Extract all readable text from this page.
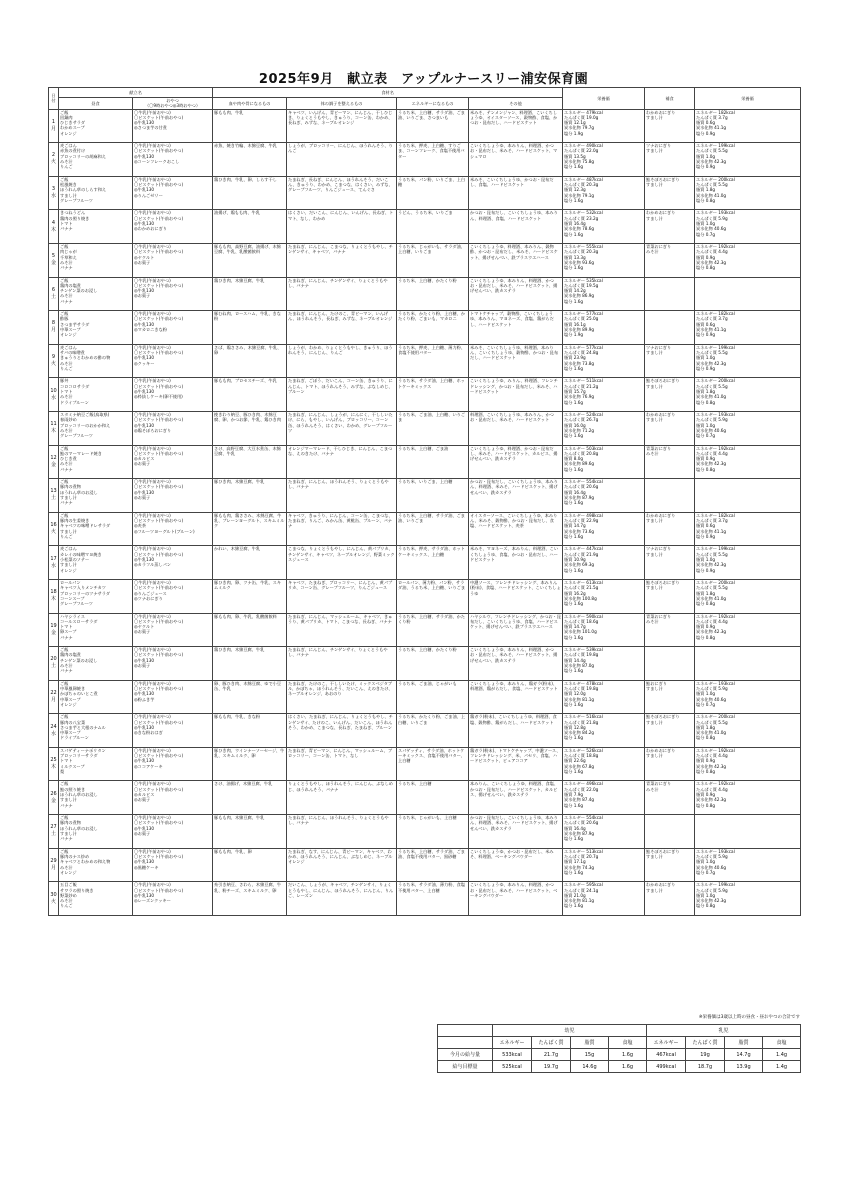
2025年9月　献立表　アップルナースリー浦安保育園
日付	献立名		食材名				栄養価	補食	栄養価
	昼食	おやつ
（〇9時おやつ◎3時おやつ）	血や肉や骨になるもの	体の調子を整えるもの	エネルギーになるもの	その他			

1
月	ご飯
回鍋肉
ひじきサラダ
わかめスープ
オレンジ	〇牛乳(午前おやつ)
〇ビスケット(午前おやつ)
◎牛乳130
◎さつま芋の甘煮	豚もも肉、牛乳	キャベツ、いんげん、青ピーマン、にんじん、干しひじき、りょくとうもやし、きゅうり、コーン缶、わかめ、長ねぎ、みずな、ネーブルオレンジ	うるち米、上白糖、サラダ油、ごま油、いりごま、さつまいも	米みそ、テンメンジャン、料理酒、こいくちしょうゆ、オイスターソース、穀物酢、食塩、かつお・昆布だし、ハードビスケット	エネルギー 479kcal
たんぱく質 19.0g
脂質 12.1g
炭水化物 79.7g
塩分 1.9g	わかめおにぎり
すまし汁	エネルギー 182kcal
たんぱく質 3.7g
脂質 0.6g
炭水化物 41.1g
塩分 0.9g

2
火	麦ごはん
赤魚の煮付け
ブロッコリーの胡麻和え
みそ汁
りんご	〇牛乳(午前おやつ)
〇ビスケット(午前おやつ)
◎牛乳130
◎コーンフレークおこし	赤魚、焼き竹輪、木綿豆腐、牛乳	しょうが、ブロッコリー、にんじん、ほうれんそう、りんご	うるち米、押麦、上白糖、すりごま、コーンフレーク、食塩不使用バター	こいくちしょうゆ、本みりん、料理酒、かつお・昆布だし、米みそ、ハードビスケット、マシュマロ	エネルギー 490kcal
たんぱく質 22.0g
脂質 13.5g
炭水化物 75.8g
塩分 1.6g	ツナおにぎり
すまし汁	エネルギー 199kcal
たんぱく質 5.5g
脂質 1.0g
炭水化物 42.3g
塩分 0.9g

3
水	ご飯
松風焼き
ほうれん草のしらす和え
すまし汁
グレープフルーツ	〇牛乳(午前おやつ)
〇ビスケット(午前おやつ)
◎牛乳130
◎りんごゼリー	鶏ひき肉、牛乳、卵、しらす干し	たまねぎ、長ねぎ、にんじん、ほうれんそう、だいこん、きゅうり、わかめ、こまつな、はくさい、みずな、グレープフルーツ、りんごジュース、てんぐさ	うるち米、パン粉、いりごま、上白糖	米みそ、こいくちしょうゆ、かつお・昆布だし、食塩、ハードビスケット	エネルギー 487kcal
たんぱく質 20.3g
脂質 12.3g
炭水化物 79.1g
塩分 1.6g	鮭そぼろおにぎり
すまし汁	エネルギー 200kcal
たんぱく質 5.5g
脂質 1.8g
炭水化物 41.0g
塩分 0.8g

4
木	きつねうどん
鶏肉の照り焼き
トマト
バナナ	〇牛乳(午前おやつ)
〇ビスケット(午前おやつ)
◎牛乳130
◎わかめおにぎり	油揚げ、鶏もも肉、牛乳	はくさい、だいこん、にんじん、いんげん、長ねぎ、トマト、なし、わかめ	うどん、うるち米、いりごま	かつお・昆布だし、こいくちしょうゆ、本みりん、料理酒、食塩、ハードビスケット	エネルギー 532kcal
たんぱく質 23.2g
脂質 16.4g
炭水化物 78.6g
塩分 1.6g	わかめおにぎり
すまし汁	エネルギー 193kcal
たんぱく質 5.9g
脂質 1.0g
炭水化物 40.6g
塩分 0.7g

5
金	ご飯
肉じゃが
千草和え
みそ汁
バナナ	〇牛乳(午前おやつ)
〇ビスケット(午前おやつ)
◎ヤクルト
◎お菓子	豚もも肉、高野豆腐、油揚げ、木綿豆腐、牛乳、乳酸菌飲料	たまねぎ、にんじん、こまつな、りょくとうもやし、チンゲンサイ、キャベツ、バナナ	うるち米、じゃがいも、サラダ油、上白糖、いりごま	こいくちしょうゆ、料理酒、本みりん、穀物酢、かつお・昆布だし、米みそ、ハードビスケット、揚げせんべい、鉄プラスウエハース	エネルギー 555kcal
たんぱく質 20.3g
脂質 13.3g
炭水化物 93.6g
塩分 1.6g	青菜おにぎり
みそ汁	エネルギー 192kcal
たんぱく質 4.4g
脂質 0.9g
炭水化物 42.3g
塩分 0.8g

6
土	ご飯
鶏肉の塩煮
チンゲン菜のお浸し
みそ汁
バナナ	〇牛乳(午前おやつ)
〇ビスケット(午前おやつ)
◎牛乳130
◎お菓子	鶏ひき肉、木綿豆腐、牛乳	たまねぎ、にんじん、チンゲンサイ、りょくとうもやし、バナナ	うるち米、上白糖、かたくり粉	こいくちしょうゆ、本みりん、料理酒、かつお・昆布だし、米みそ、ハードビスケット、揚げせんべい、鉄カステラ	エネルギー 535kcal
たんぱく質 19.5g
脂質 14.2g
炭水化物 86.9g
塩分 1.6g		

8
月	ご飯
酢豚
さつま芋サラダ
中華スープ
オレンジ	〇牛乳(午前おやつ)
〇ビスケット(午前おやつ)
◎牛乳130
◎マカロニきな粉	豚むね肉、ロースハム、牛乳、きな粉	たまねぎ、にんじん、たけのこ、青ピーマン、いんげん、ほうれんそう、長ねぎ、みずな、ネーブルオレンジ	うるち米、かたくり粉、上白糖、かたくり粉、ごまいも、マカロニ	トマトケチャップ、穀物酢、こいくちしょうゆ、本みりん、マヨネーズ、食塩、鶏がらだし、ハードビスケット	エネルギー 577kcal
たんぱく質 25.0g
脂質 16.1g
炭水化物 89.9g
塩分 1.9g		エネルギー 182kcal
たんぱく質 3.7g
脂質 0.6g
炭水化物 41.1g
塩分 0.9g

9
火	麦ごはん
サバの味噌煮
きゅうりとわかめの酢の物
みそ汁
りんご	〇牛乳(午前おやつ)
〇ビスケット(午前おやつ)
◎牛乳130
◎クッキー	さば、鶏ささみ、木綿豆腐、牛乳、卵	しょうが、わかめ、りょくとうもやし、きゅうり、ほうれんそう、にんじん、りんご	うるち米、押麦、上白糖、薄力粉、食塩不使用バター	米みそ、こいくちしょうゆ、料理酒、本みりん、こいくちしょうゆ、穀物酢、かつお・昆布だし、ハードビスケット	エネルギー 577kcal
たんぱく質 24.8g
脂質 23.9g
炭水化物 73.8g
塩分 1.6g	ツナおにぎり
すまし汁	エネルギー 199kcal
たんぱく質 5.5g
脂質 1.0g
炭水化物 42.3g
塩分 0.9g

10
水	豚丼
コロコロサラダ
トマト
みそ汁
ドライプルーン	〇牛乳(午前おやつ)
〇ビスケット(午前おやつ)
◎牛乳130
◎枠抜しケーキ(卵不使用)	豚もも肉、プロセスチーズ、牛乳	たまねぎ、ごぼう、だいこん、コーン缶、きゅうり、にんじん、トマト、ほうれんそう、みずな、ぶなしめじ、プルーン	うるち米、サラダ油、上白糖、ホットケーキミックス	こいくちしょうゆ、みりん、料理酒、フレンチドレッシング、かつお・昆布だし、米みそ、ハードビスケット	エネルギー 511kcal
たんぱく質 21.2g
脂質 15.7g
炭水化物 76.9g
塩分 1.6g	鮭そぼろおにぎり
すまし汁	エネルギー 200kcal
たんぱく質 5.5g
脂質 1.8g
炭水化物 41.0g
塩分 0.8g

11
木	スタミナ納豆ご飯(鳥取県)
春雨炒め
ブロッコリーのおかか和え
みそ汁
グレープフルーツ	〇牛乳(午前おやつ)
〇ビスケット(午前おやつ)
◎牛乳130
◎鶏そぼろおにぎり	挽きわり納豆、豚ひき肉、木綿豆腐、卵、かつお節、牛乳、鶏ひき肉	たまねぎ、にんじん、しょうが、にんにく、干ししいたけ、にら、もやし、いんげん、ブロッコリー、コーン缶、ほうれんそう、はくさい、わかめ、グレープフルーツ	うるち米、ごま油、上白糖、いりごま	料理酒、こいくちしょうゆ、本みりん、かつお・昆布だし、米みそ、ハードビスケット	エネルギー 524kcal
たんぱく質 26.7g
脂質 16.0g
炭水化物 71.2g
塩分 1.6g	わかめおにぎり
すまし汁	エネルギー 193kcal
たんぱく質 5.9g
脂質 1.0g
炭水化物 40.6g
塩分 0.7g

12
金	ご飯
鮭のマーマレード焼き
ひじき煮
みそ汁
バナナ	〇牛乳(午前おやつ)
〇ビスケット(午前おやつ)
◎カルピス
◎お菓子	さけ、高野豆腐、大豆水煮缶、木綿豆腐、牛乳	オレンジマーマレード、干しひじき、にんじん、こまつな、えのきたけ、バナナ	うるち米、上白糖、ごま油	こいくちしょうゆ、料理酒、かつお・昆布だし、米みそ、ハードビスケット、カルピス、揚げせんべい、鉄カステラ	エネルギー 503kcal
たんぱく質 20.8g
脂質 8.0g
炭水化物 89.6g
塩分 1.6g	青菜おにぎり
みそ汁	エネルギー 192kcal
たんぱく質 4.4g
脂質 0.9g
炭水化物 42.3g
塩分 0.8g

13
土	ご飯
豚肉の煮物
ほうれん草のお浸し
すまし汁
バナナ	〇牛乳(午前おやつ)
〇ビスケット(午前おやつ)
◎牛乳130
◎お菓子	豚ひき肉、木綿豆腐、牛乳	たまねぎ、にんじん、ほうれんそう、りょくとうもやし、バナナ	うるち米、いりごま、上白糖	かつお・昆布だし、こいくちしょうゆ、本みりん、料理酒、米みそ、ハードビスケット、揚げせんべい、鉄カステラ	エネルギー 554kcal
たんぱく質 20.6g
脂質 16.4g
炭水化物 87.9g
塩分 1.6g		

16
火	ご飯
豚肉の生姜焼き
キャベツの味噌ドレサラダ
すまし汁
りんご	〇牛乳(午前おやつ)
〇ビスケット(午前おやつ)
◎麦茶
◎フルーツヨーグルト(ブルーン)	豚もも肉、鶏ささみ、木綿豆腐、牛乳、プレーンヨーグルト、スキムミルク	キャベツ、きゅうり、にんじん、コーン缶、こまつな、たまねぎ、りんご、みかん缶、黄桃缶、プルーン、バナナ	うるち米、上白糖、サラダ油、ごま油、いりごま	オイスターソース、こいくちしょうゆ、本みりん、米みそ、穀物酢、かつお・昆布だし、食塩、ハードビスケット、麦茶	エネルギー 498kcal
たんぱく質 22.9g
脂質 14.7g
炭水化物 73.6g
塩分 1.6g	わかめおにぎり
すまし汁	エネルギー 182kcal
たんぱく質 3.7g
脂質 0.6g
炭水化物 41.1g
塩分 0.9g

17
水	麦ごはん
カレイの味噌マヨ焼き
小松菜のソテー
すまし汁
オレンジ	〇牛乳(午前おやつ)
〇ビスケット(午前おやつ)
◎牛乳130
◎カラフル蒸しパン	かれい、木綿豆腐、牛乳	こまつな、りょくとうもやし、にんじん、黄パプリカ、チンゲンサイ、キャベツ、ネーブルオレンジ、野菜ミックスジュース	うるち米、押麦、サラダ油、ホットケーキミックス、上白糖	米みそ、マヨネーズ、本みりん、料理酒、こいくちしょうゆ、食塩、かつお・昆布だし、ハードビスケット	エネルギー 447kcal
たんぱく質 21.9g
脂質 10.9g
炭水化物 69.3g
塩分 1.6g	ツナおにぎり
すまし汁	エネルギー 199kcal
たんぱく質 5.5g
脂質 1.0g
炭水化物 42.3g
塩分 0.9g

18
木	ロールパン
キャベツ入りメンチカツ
ブロッコリーのツナサラダ
コーンスープ
グレープフルーツ	〇牛乳(午前おやつ)
〇ビスケット(午前おやつ)
◎りんごジュース
◎ツナおにぎり	豚ひき肉、卵、ツナ缶、牛乳、スキムミルク	キャベツ、たまねぎ、ブロッコリー、にんじん、黄パプリカ、コーン缶、グレープフルーツ、りんごジュース	ロールパン、薄力粉、パン粉、サラダ油、うるち米、上白糖、いりごま	中濃ソース、フレンチドレッシング、本みりん(粉末)、食塩、ハードビスケット、こいくちしょうゆ	エネルギー 613kcal
たんぱく質 21.5g
脂質 16.2g
炭水化物 100.8g
塩分 1.6g	鮭そぼろおにぎり
すまし汁	エネルギー 200kcal
たんぱく質 5.5g
脂質 1.8g
炭水化物 41.0g
塩分 0.8g

19
金	ハヤシライス
コールスローサラダ
トマト
卵スープ
バナナ	〇牛乳(午前おやつ)
〇ビスケット(午前おやつ)
◎ヤクルト
◎お菓子	豚もも肉、卵、牛乳、乳酸菌飲料	たまねぎ、にんじん、マッシュルーム、キャベツ、きゅうり、黄パプリカ、トマト、こまつな、長ねぎ、バナナ	うるち米、上白糖、サラダ油、かたくり粉	ハヤシルウ、フレンチドレッシング、かつお・昆布だし、こいくちしょうゆ、食塩、ハードビスケット、揚げせんべい、鉄プラスウエハース	エネルギー 590kcal
たんぱく質 18.6g
脂質 14.7g
炭水化物 101.0g
塩分 1.6g	青菜おにぎり
みそ汁	エネルギー 192kcal
たんぱく質 4.4g
脂質 0.9g
炭水化物 42.3g
塩分 0.8g

20
土	ご飯
鶏肉の塩煮
チンゲン菜のお浸し
みそ汁
バナナ	〇牛乳(午前おやつ)
〇ビスケット(午前おやつ)
◎牛乳130
◎お菓子	鶏ひき肉、木綿豆腐、牛乳	たまねぎ、にんじん、チンゲンサイ、りょくとうもやし、バナナ	うるち米、上白糖、かたくり粉	こいくちしょうゆ、本みりん、料理酒、かつお・昆布だし、米みそ、ハードビスケット、揚げせんべい、鉄カステラ	エネルギー 539kcal
たんぱく質 19.8g
脂質 14.4g
炭水化物 87.0g
塩分 1.6g		

22
月	ご飯
中華風卵焼き
かぼちゃのいとこ煮
中華スープ
オレンジ	〇牛乳(午前おやつ)
〇ビスケット(午前おやつ)
◎牛乳130
◎粉ふき芋	卵、豚ひき肉、木綿豆腐、ゆで小豆缶、牛乳	たまねぎ、たけのこ、干ししいたけ、ミックスベジタブル、かぼちゃ、ほうれんそう、だいこん、えのきたけ、ネーブルオレンジ、あおのり	うるち米、ごま油、じゃがいも	こいくちしょうゆ、本みりん、鶏ガラ(粉末)、料理酒、鶏がらだし、食塩、ハードビスケット	エネルギー 478kcal
たんぱく質 19.8g
脂質 12.0g
炭水化物 81.1g
塩分 1.6g	鮭おにぎり
すまし汁	エネルギー 193kcal
たんぱく質 5.9g
脂質 1.0g
炭水化物 40.6g
塩分 0.7g

24
水	ご飯
豚肉の八宝菜
さつま芋と大根のナムル
中華スープ
ドライプルーン	〇牛乳(午前おやつ)
〇ビスケット(午前おやつ)
◎牛乳130
◎きな粉おはぎ	豚もも肉、牛乳、きな粉	はくさい、たまねぎ、にんじん、りょくとうもやし、チンゲンサイ、たけのこ、いんげん、だいこん、ほうれんそう、わかめ、こまつな、長ねぎ、たまねぎ、プルーン	うるち米、かたくり粉、ごま油、上白糖、いりごま	鶏ガラ(粉末)、こいくちしょうゆ、料理酒、食塩、穀物酢、鶏がらだし、ハードビスケット	エネルギー 516kcal
たんぱく質 21.8g
脂質 12.8g
炭水化物 84.2g
塩分 1.6g	鮭そぼろおにぎり
すまし汁	エネルギー 200kcal
たんぱく質 5.5g
脂質 1.8g
炭水化物 41.0g
塩分 0.8g

25
木	スパゲティーナポリタン
ブロッコリーサラダ
トマト
ミルクスープ
梨	〇牛乳(午前おやつ)
〇ビスケット(午前おやつ)
◎牛乳130
◎ココアケーキ	豚ひき肉、ウインナーソーセージ、牛乳、スキムミルク、卵	たまねぎ、青ピーマン、にんじん、マッシュルーム、ブロッコリー、コーン缶、トマト、なし	スパゲッティ、サラダ油、ホットケーキミックス、食塩不使用バター、上白糖	鶏ガラ(粉末)、トマトケチャップ、中濃ソース、フレンチドレッシング、米、パセリ、食塩、ハードビスケット、ピュアココア	エネルギー 526kcal
たんぱく質 18.8g
脂質 22.6g
炭水化物 67.8g
塩分 1.6g	わかめおにぎり
すまし汁	エネルギー 192kcal
たんぱく質 4.4g
脂質 0.9g
炭水化物 42.3g
塩分 0.8g

26
金	ご飯
鮭の照り焼き
ほうれん草のお浸し
すまし汁
バナナ	〇牛乳(午前おやつ)
〇ビスケット(午前おやつ)
◎カルピス
◎お菓子	さけ、油揚げ、木綿豆腐、牛乳	りょくとうもやし、ほうれんそう、にんじん、ぶなしめじ、ほうれんそう、バナナ	うるち米、上白糖	本みりん、こいくちしょうゆ、料理酒、食塩、かつお・昆布だし、ハードビスケット、カルピス、揚げせんべい、鉄カステラ	エネルギー 496kcal
たんぱく質 22.0g
脂質 7.9g
炭水化物 87.4g
塩分 1.6g	青菜おにぎり
みそ汁	エネルギー 192kcal
たんぱく質 4.4g
脂質 0.9g
炭水化物 42.3g
塩分 0.8g

27
土	ご飯
豚肉の煮物
ほうれん草のお浸し
すまし汁
バナナ	〇牛乳(午前おやつ)
〇ビスケット(午前おやつ)
◎牛乳130
◎お菓子	豚もも肉、木綿豆腐、牛乳	たまねぎ、にんじん、ほうれんそう、りょくとうもやし、バナナ	うるち米、じゃがいも、上白糖	かつお・昆布だし、こいくちしょうゆ、本みりん、料理酒、米みそ、ハードビスケット、揚げせんべい、鉄カステラ	エネルギー 554kcal
たんぱく質 20.6g
脂質 16.4g
炭水化物 87.9g
塩分 1.6g		

29
月	ご飯
豚肉のナス炒め
キャベツとわかめの和え物
みそ汁
オレンジ	〇牛乳(午前おやつ)
〇ビスケット(午前おやつ)
◎牛乳130
◎黒糖ケーキ	豚もも肉、牛乳、卵	たまねぎ、なす、にんじん、青ピーマン、キャベツ、わかめ、ほうれんそう、にんじん、ぶなしめじ、ネーブルオレンジ	うるち米、上白糖、サラダ油、ごま油、食塩不使用バター、黒砂糖	こいくちしょうゆ、かつお・昆布だし、米みそ、料理酒、ベーキングパウダー	エネルギー 513kcal
たんぱく質 20.7g
脂質 17.1g
炭水化物 74.3g
塩分 1.6g	鮭そぼろおにぎり
すまし汁	エネルギー 193kcal
たんぱく質 5.9g
脂質 1.0g
炭水化物 40.6g
塩分 0.7g

30
火	五目ご飯
サワラの照り焼き
野菜炒め
みそ汁
りんご	〇牛乳(午前おやつ)
〇ビスケット(午前おやつ)
◎牛乳130
◎レーズンクッキー	糸引き納豆、さわら、木綿豆腐、牛乳、粉チーズ、スキムミルク、卵	だいこん、しょうが、キャベツ、チンゲンサイ、りょくとうもやし、にんじん、ほうれんそう、にんじん、りんご、レーズン	うるち米、サラダ油、薄力粉、食塩不使用バター、上白糖	こいくちしょうゆ、本みりん、料理酒、かつお・昆布だし、米みそ、ハードビスケット、ベーキングパウダー	エネルギー 595kcal
たんぱく質 24.1g
脂質 21.0g
炭水化物 81.1g
塩分 1.6g	わかめおにぎり
すまし汁	エネルギー 199kcal
たんぱく質 5.9g
脂質 1.0g
炭水化物 42.3g
塩分 0.8g
※栄養価は3歳以上時の昼食・昼おやつの合計です
	幼児				乳児			
	エネルギー	たんぱく質	脂質	食塩	エネルギー	たんぱく質	脂質	食塩
今月の給与量	533kcal	21.7g	15g	1.6g	467kcal	19g	14.7g	1.4g
給与目標量	525kcal	19.7g	14.6g	1.6g	499kcal	18.7g	13.9g	1.4g
